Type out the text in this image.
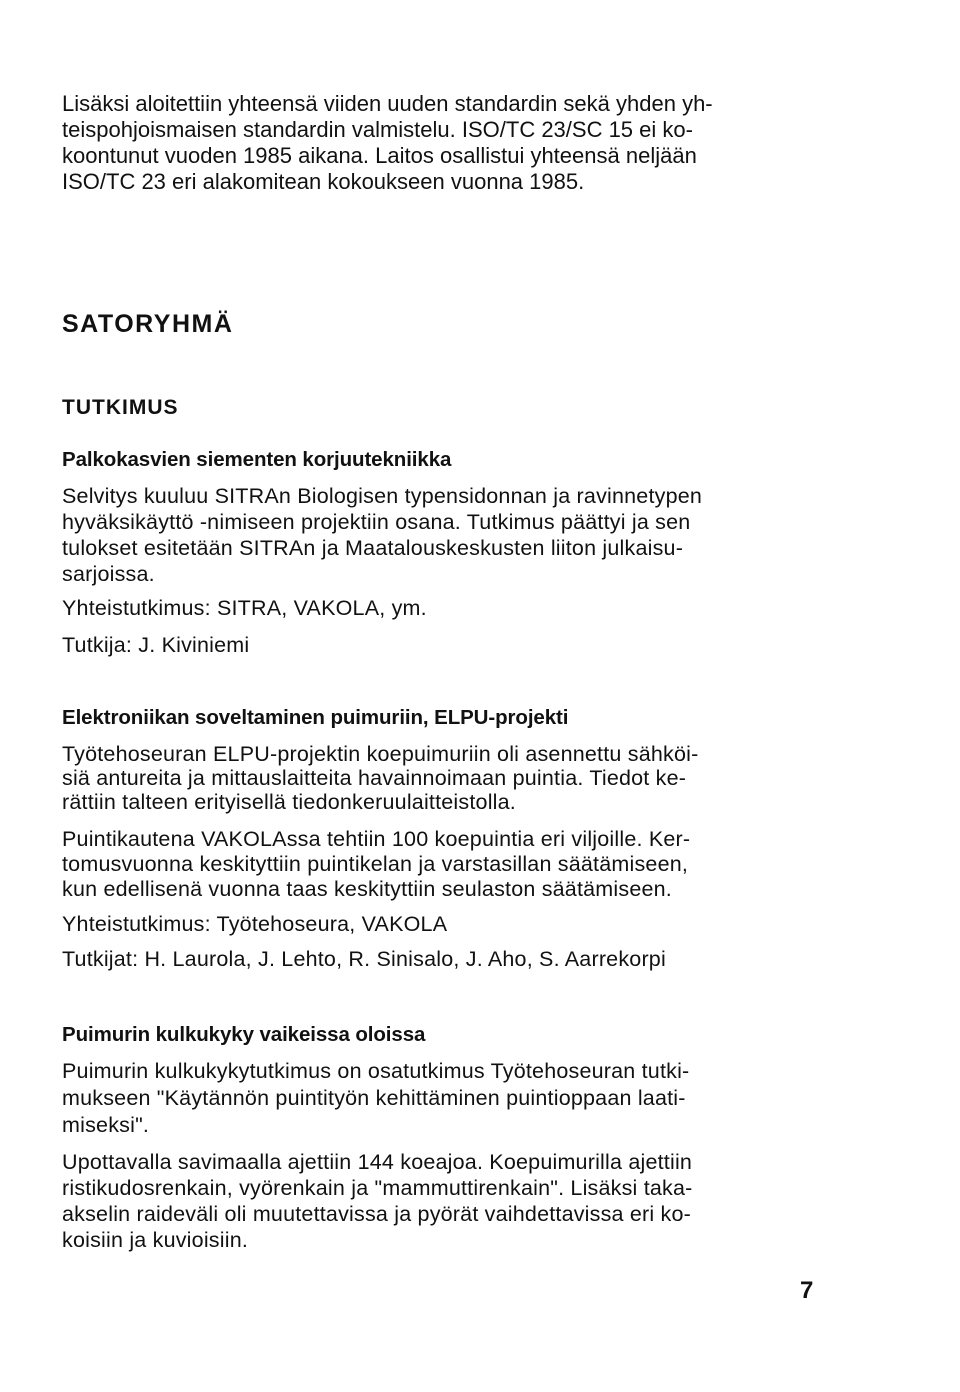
Lisäksi aloitettiin yhteensä viiden uuden standardin sekä yhden yh-
teispohjoismaisen standardin valmistelu. ISO/TC 23/SC 15 ei ko-
koontunut vuoden 1985 aikana. Laitos osallistui yhteensä neljään
ISO/TC 23 eri alakomitean kokoukseen vuonna 1985.
SATORYHMÄ
TUTKIMUS
Palkokasvien siementen korjuutekniikka
Selvitys kuuluu SITRAn Biologisen typensidonnan ja ravinnetypen
hyväksikäyttö -nimiseen projektiin osana. Tutkimus päättyi ja sen
tulokset esitetään SITRAn ja Maatalouskeskusten liiton julkaisu-
sarjoissa.
Yhteistutkimus: SITRA, VAKOLA, ym.
Tutkija: J. Kiviniemi
Elektroniikan soveltaminen puimuriin, ELPU-projekti
Työtehoseuran ELPU-projektin koepuimuriin oli asennettu sähköi-
siä antureita ja mittauslaitteita havainnoimaan puintia. Tiedot ke-
rättiin talteen erityisellä tiedonkeruulaitteistolla.
Puintikautena VAKOLAssa tehtiin 100 koepuintia eri viljoille. Ker-
tomusvuonna keskityttiin puintikelan ja varstasillan säätämiseen,
kun edellisenä vuonna taas keskityttiin seulaston säätämiseen.
Yhteistutkimus: Työtehoseura, VAKOLA
Tutkijat: H. Laurola, J. Lehto, R. Sinisalo, J. Aho, S. Aarrekorpi
Puimurin kulkukyky vaikeissa oloissa
Puimurin kulkukykytutkimus on osatutkimus Työtehoseuran tutki-
mukseen "Käytännön puintityön kehittäminen puintioppaan laati-
miseksi".
Upottavalla savimaalla ajettiin 144 koeajoa. Koepuimurilla ajettiin
ristikudosrenkain, vyörenkain ja "mammuttirenkain". Lisäksi taka-
akselin raideväli oli muutettavissa ja pyörät vaihdettavissa eri ko-
koisiin ja kuvioisiin.
7
